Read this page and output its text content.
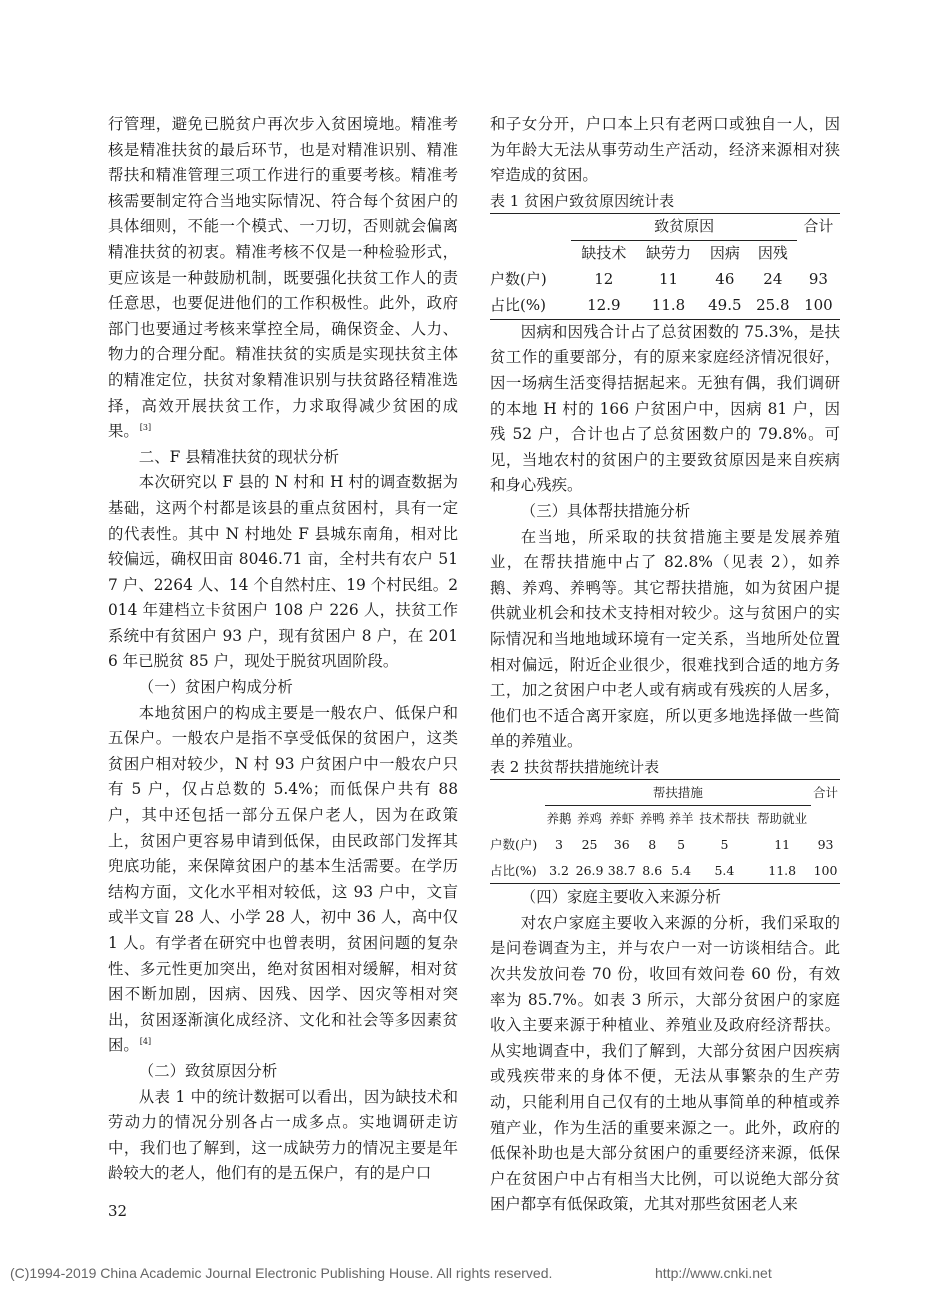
行管理，避免已脱贫户再次步入贫困境地。精准考核是精准扶贫的最后环节，也是对精准识别、精准帮扶和精准管理三项工作进行的重要考核。精准考核需要制定符合当地实际情况、符合每个贫困户的具体细则，不能一个模式、一刀切，否则就会偏离精准扶贫的初衷。精准考核不仅是一种检验形式，更应该是一种鼓励机制，既要强化扶贫工作人的责任意思，也要促进他们的工作积极性。此外，政府部门也要通过考核来掌控全局，确保资金、人力、物力的合理分配。精准扶贫的实质是实现扶贫主体的精准定位，扶贫对象精准识别与扶贫路径精准选择，高效开展扶贫工作，力求取得减少贫困的成果。[3]

二、F 县精准扶贫的现状分析

本次研究以 F 县的 N 村和 H 村的调查数据为基础，这两个村都是该县的重点贫困村，具有一定的代表性。其中 N 村地处 F 县城东南角，相对比较偏远，确权田亩 8046.71 亩，全村共有农户 517 户、2264 人、14 个自然村庄、19 个村民组。2014 年建档立卡贫困户 108 户 226 人，扶贫工作系统中有贫困户 93 户，现有贫困户 8 户，在 2016 年已脱贫 85 户，现处于脱贫巩固阶段。

（一）贫困户构成分析

本地贫困户的构成主要是一般农户、低保户和五保户。一般农户是指不享受低保的贫困户，这类贫困户相对较少，N 村 93 户贫困户中一般农户只有 5 户，仅占总数的 5.4%；而低保户共有 88 户，其中还包括一部分五保户老人，因为在政策上，贫困户更容易申请到低保，由民政部门发挥其兜底功能，来保障贫困户的基本生活需要。在学历结构方面，文化水平相对较低，这 93 户中，文盲或半文盲 28 人、小学 28 人，初中 36 人，高中仅 1 人。有学者在研究中也曾表明，贫困问题的复杂性、多元性更加突出，绝对贫困相对缓解，相对贫困不断加剧，因病、因残、因学、因灾等相对突出，贫困逐渐演化成经济、文化和社会等多因素贫困。[4]

（二）致贫原因分析

从表 1 中的统计数据可以看出，因为缺技术和劳动力的情况分别各占一成多点。实地调研走访中，我们也了解到，这一成缺劳力的情况主要是年龄较大的老人，他们有的是五保户，有的是户口

和子女分开，户口本上只有老两口或独自一人，因为年龄大无法从事劳动生产活动，经济来源相对狭窄造成的贫困。

表 1 贫困户致贫原因统计表

	致贫原因				合计
	缺技术	缺劳力	因病	因残	
户数(户)	12	11	46	24	93
占比(%)	12.9	11.8	49.5	25.8	100

因病和因残合计占了总贫困数的 75.3%，是扶贫工作的重要部分，有的原来家庭经济情况很好，因一场病生活变得拮据起来。无独有偶，我们调研的本地 H 村的 166 户贫困户中，因病 81 户，因残 52 户，合计也占了总贫困数户的 79.8%。可见，当地农村的贫困户的主要致贫原因是来自疾病和身心残疾。

（三）具体帮扶措施分析

在当地，所采取的扶贫措施主要是发展养殖业，在帮扶措施中占了 82.8%（见表 2），如养鹅、养鸡、养鸭等。其它帮扶措施，如为贫困户提供就业机会和技术支持相对较少。这与贫困户的实际情况和当地地域环境有一定关系，当地所处位置相对偏远，附近企业很少，很难找到合适的地方务工，加之贫困户中老人或有病或有残疾的人居多，他们也不适合离开家庭，所以更多地选择做一些简单的养殖业。

表 2 扶贫帮扶措施统计表

	帮扶措施							合计
	养鹅	养鸡	养虾	养鸭	养羊	技术帮扶	帮助就业	
户数(户)	3	25	36	8	5	5	11	93
占比(%)	3.2	26.9	38.7	8.6	5.4	5.4	11.8	100

（四）家庭主要收入来源分析

对农户家庭主要收入来源的分析，我们采取的是问卷调查为主，并与农户一对一访谈相结合。此次共发放问卷 70 份，收回有效问卷 60 份，有效率为 85.7%。如表 3 所示，大部分贫困户的家庭收入主要来源于种植业、养殖业及政府经济帮扶。从实地调查中，我们了解到，大部分贫困户因疾病或残疾带来的身体不便，无法从事繁杂的生产劳动，只能利用自己仅有的土地从事简单的种植或养殖产业，作为生活的重要来源之一。此外，政府的低保补助也是大部分贫困户的重要经济来源，低保户在贫困户中占有相当大比例，可以说绝大部分贫困户都享有低保政策，尤其对那些贫困老人来

32
(C)1994-2019 China Academic Journal Electronic Publishing House. All rights reserved.	http://www.cnki.net
